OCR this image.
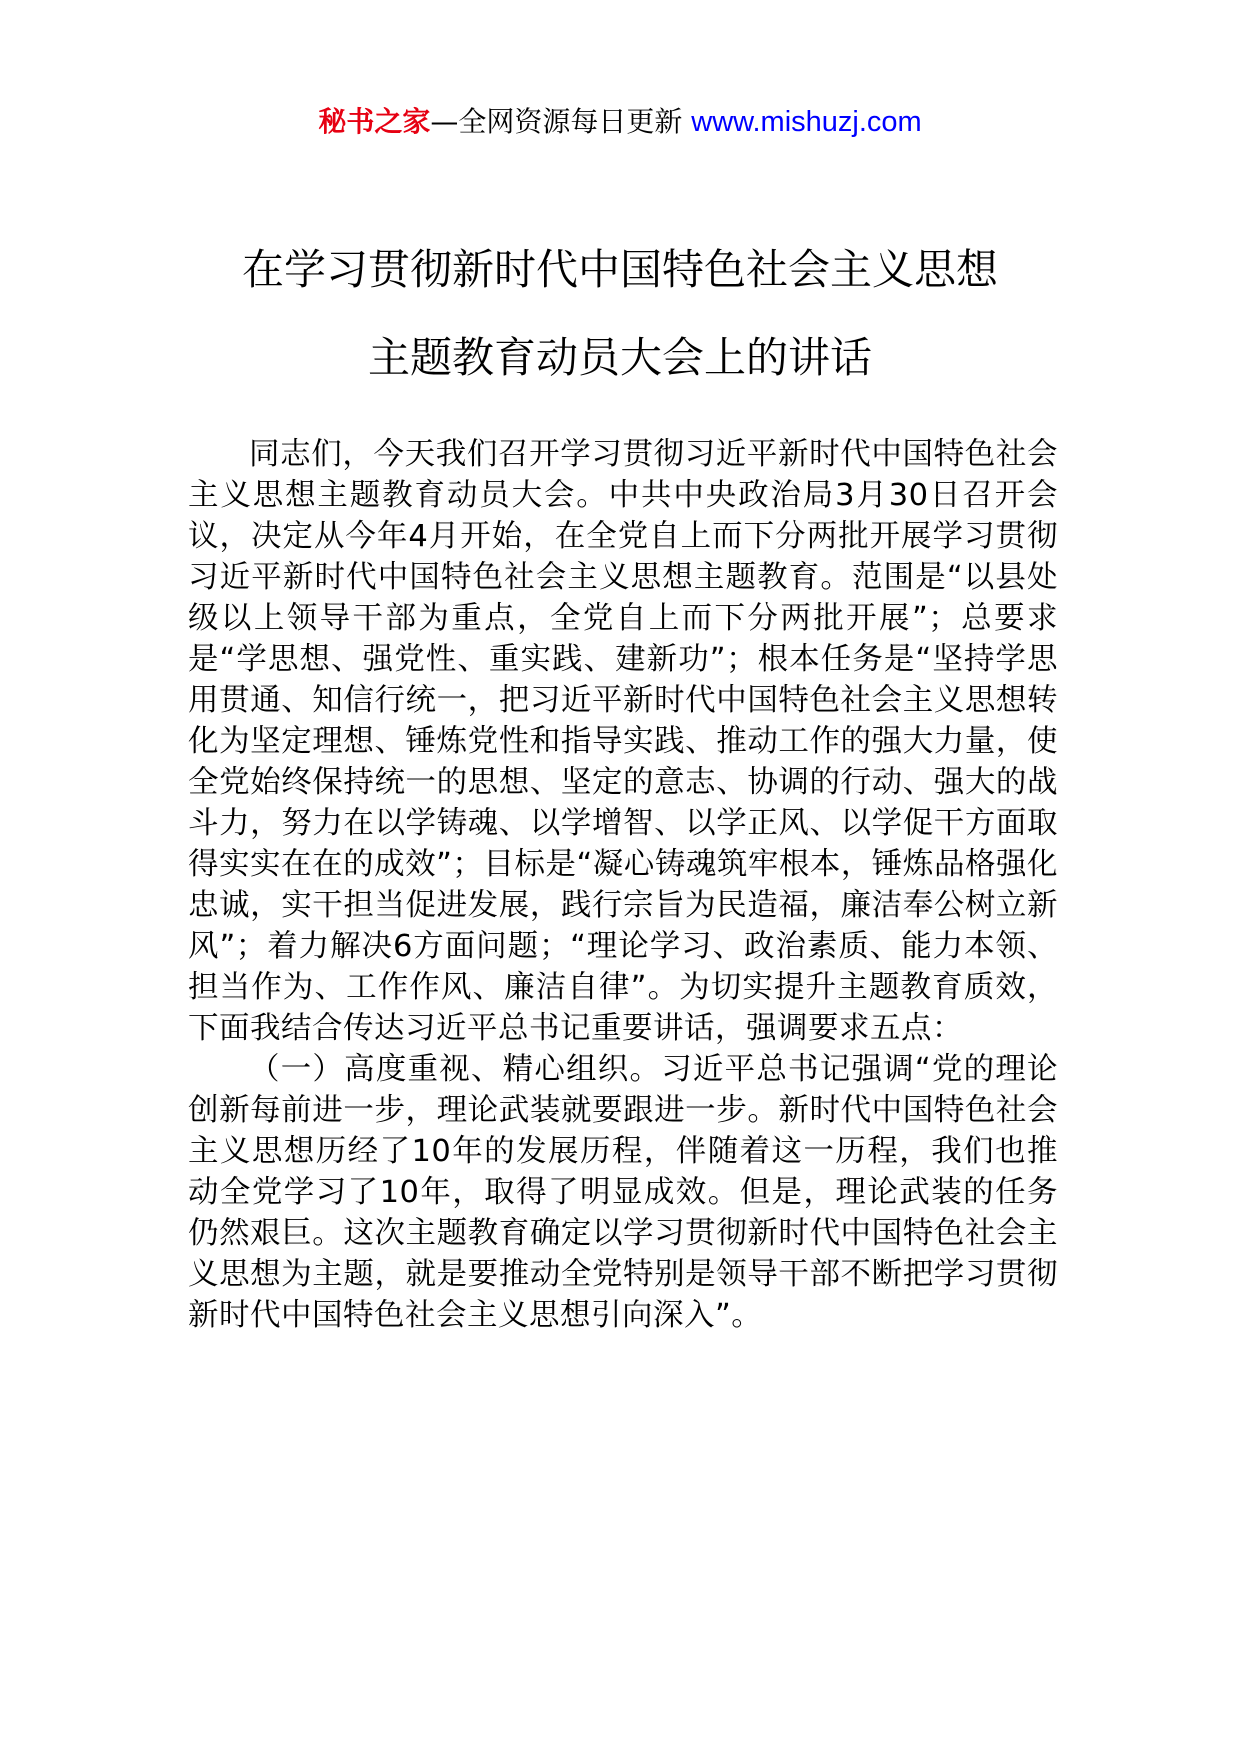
秘书之家—全网资源每日更新 www.mishuzj.com
在学习贯彻新时代中国特色社会主义思想
主题教育动员大会上的讲话

同志们，今天我们召开学习贯彻习近平新时代中国特色社会主义思想主题教育动员大会。中共中央政治局3月30日召开会议，决定从今年4月开始，在全党自上而下分两批开展学习贯彻习近平新时代中国特色社会主义思想主题教育。范围是“以县处级以上领导干部为重点，全党自上而下分两批开展”；总要求是“学思想、强党性、重实践、建新功”；根本任务是“坚持学思用贯通、知信行统一，把习近平新时代中国特色社会主义思想转化为坚定理想、锤炼党性和指导实践、推动工作的强大力量，使全党始终保持统一的思想、坚定的意志、协调的行动、强大的战斗力，努力在以学铸魂、以学增智、以学正风、以学促干方面取得实实在在的成效”；目标是“凝心铸魂筑牢根本，锤炼品格强化忠诚，实干担当促进发展，践行宗旨为民造福，廉洁奉公树立新风”；着力解决6方面问题；“理论学习、政治素质、能力本领、担当作为、工作作风、廉洁自律”。为切实提升主题教育质效，下面我结合传达习近平总书记重要讲话，强调要求五点：

（一）高度重视、精心组织。习近平总书记强调“党的理论创新每前进一步，理论武装就要跟进一步。新时代中国特色社会主义思想历经了10年的发展历程，伴随着这一历程，我们也推动全党学习了10年，取得了明显成效。但是，理论武装的任务仍然艰巨。这次主题教育确定以学习贯彻新时代中国特色社会主义思想为主题，就是要推动全党特别是领导干部不断把学习贯彻新时代中国特色社会主义思想引向深入”。
